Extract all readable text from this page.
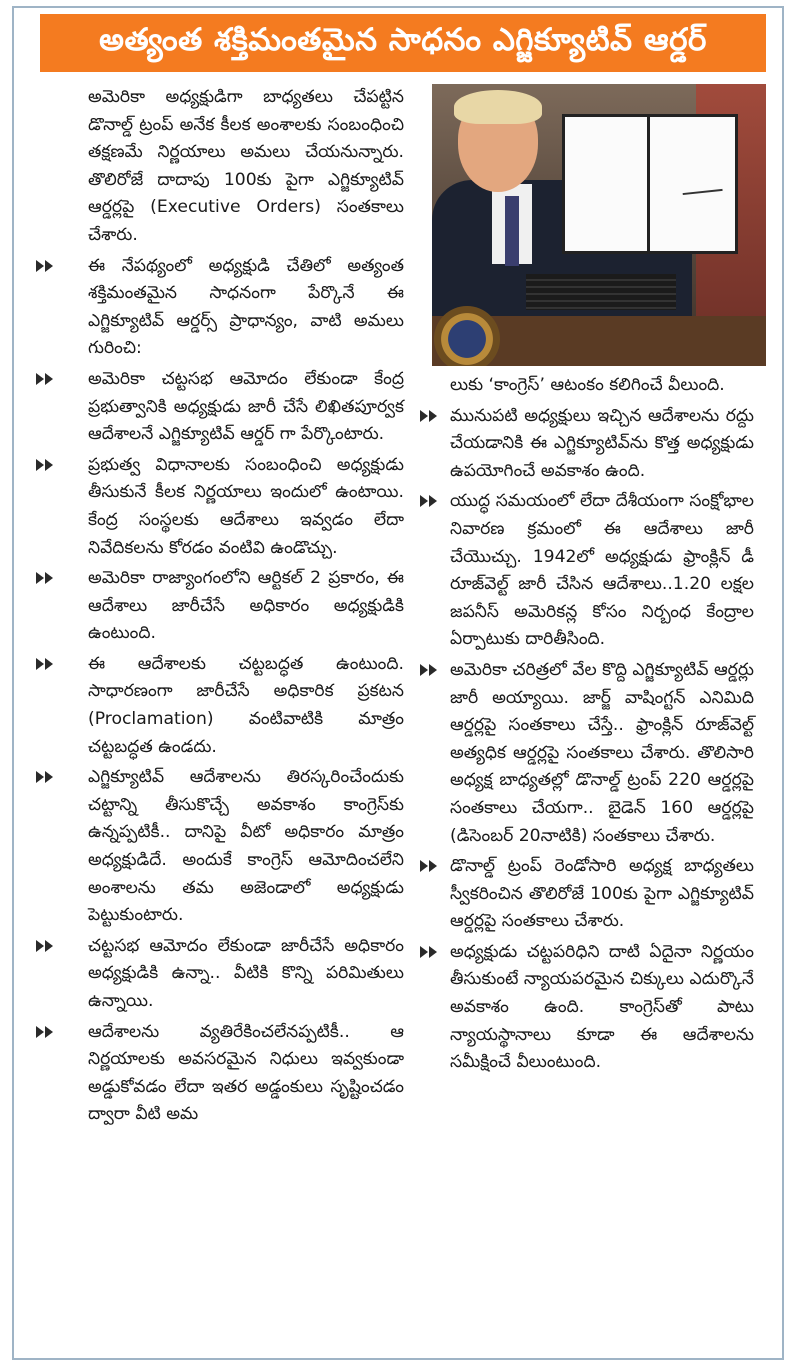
అత్యంత శక్తిమంతమైన సాధనం ఎగ్జిక్యూటివ్ ఆర్డర్

అమెరికా అధ్యక్షుడిగా బాధ్యతలు చేపట్టిన డొనాల్డ్ ట్రంప్ అనేక కీలక అంశాలకు సంబంధించి తక్షణమే నిర్ణయాలు అమలు చేయనున్నారు. తొలిరోజే దాదాపు 100కు పైగా ఎగ్జిక్యూటివ్ ఆర్డర్లపై (Executive Orders) సంతకాలు చేశారు.

ఈ నేపథ్యంలో అధ్యక్షుడి చేతిలో అత్యంత శక్తిమంతమైన సాధనంగా పేర్కొనే ఈ ఎగ్జిక్యూటివ్ ఆర్డర్స్ ప్రాధాన్యం, వాటి అమలు గురించి:

అమెరికా చట్టసభ ఆమోదం లేకుండా కేంద్ర ప్రభుత్వానికి అధ్యక్షుడు జారీ చేసే లిఖితపూర్వక ఆదేశాలనే ఎగ్జిక్యూటివ్ ఆర్డర్ గా పేర్కొంటారు.

ప్రభుత్వ విధానాలకు సంబంధించి అధ్యక్షుడు తీసుకునే కీలక నిర్ణయాలు ఇందులో ఉంటాయి. కేంద్ర సంస్థలకు ఆదేశాలు ఇవ్వడం లేదా నివేదికలను కోరడం వంటివి ఉండొచ్చు.

అమెరికా రాజ్యాంగంలోని ఆర్టికల్ 2 ప్రకారం, ఈ ఆదేశాలు జారీచేసే అధికారం అధ్యక్షుడికి ఉంటుంది.

ఈ ఆదేశాలకు చట్టబద్ధత ఉంటుంది. సాధారణంగా జారీచేసే అధికారిక ప్రకటన (Proclamation) వంటివాటికి మాత్రం చట్టబద్ధత ఉండదు.

ఎగ్జిక్యూటివ్ ఆదేశాలను తిరస్కరించేందుకు చట్టాన్ని తీసుకొచ్చే అవకాశం కాంగ్రెస్‌కు ఉన్నప్పటికీ.. దానిపై వీటో అధికారం మాత్రం అధ్యక్షుడిదే. అందుకే కాంగ్రెస్ ఆమోదించలేని అంశాలను తమ అజెండాలో అధ్యక్షుడు పెట్టుకుంటారు.

చట్టసభ ఆమోదం లేకుండా జారీచేసే అధికారం అధ్యక్షుడికి ఉన్నా.. వీటికి కొన్ని పరిమితులు ఉన్నాయి.

ఆదేశాలను వ్యతిరేకించలేనప్పటికీ.. ఆ నిర్ణయాలకు అవసరమైన నిధులు ఇవ్వకుండా అడ్డుకోవడం లేదా ఇతర అడ్డంకులు సృష్టించడం ద్వారా వీటి అమ

లుకు ‘కాంగ్రెస్’ ఆటంకం కలిగించే వీలుంది.

మునుపటి అధ్యక్షులు ఇచ్చిన ఆదేశాలను రద్దు చేయడానికి ఈ ఎగ్జిక్యూటివ్‌ను కొత్త అధ్యక్షుడు ఉపయోగించే అవకాశం ఉంది.

యుద్ధ సమయంలో లేదా దేశీయంగా సంక్షోభాల నివారణ క్రమంలో ఈ ఆదేశాలు జారీ చేయొచ్చు. 1942లో అధ్యక్షుడు ఫ్రాంక్లిన్ డీ రూజ్‌వెల్ట్ జారీ చేసిన ఆదేశాలు..1.20 లక్షల జపనీస్ అమెరికన్ల కోసం నిర్బంధ కేంద్రాల ఏర్పాటుకు దారితీసింది.

అమెరికా చరిత్రలో వేల కొద్ది ఎగ్జిక్యూటివ్ ఆర్డర్లు జారీ అయ్యాయి. జార్జ్ వాషింగ్టన్ ఎనిమిది ఆర్డర్లపై సంతకాలు చేస్తే.. ఫ్రాంక్లిన్ రూజ్‌వెల్ట్ అత్యధిక ఆర్డర్లపై సంతకాలు చేశారు. తొలిసారి అధ్యక్ష బాధ్యతల్లో డొనాల్డ్ ట్రంప్ 220 ఆర్డర్లపై సంతకాలు చేయగా.. బైడెన్ 160 ఆర్డర్లపై (డిసెంబర్ 20నాటికి) సంతకాలు చేశారు.

డొనాల్డ్ ట్రంప్ రెండోసారి అధ్యక్ష బాధ్యతలు స్వీకరించిన తొలిరోజే 100కు పైగా ఎగ్జిక్యూటివ్ ఆర్డర్లపై సంతకాలు చేశారు.

అధ్యక్షుడు చట్టపరిధిని దాటి ఏదైనా నిర్ణయం తీసుకుంటే న్యాయపరమైన చిక్కులు ఎదుర్కొనే అవకాశం ఉంది. కాంగ్రెస్‌తో పాటు న్యాయస్థానాలు కూడా ఈ ఆదేశాలను సమీక్షించే వీలుంటుంది.
